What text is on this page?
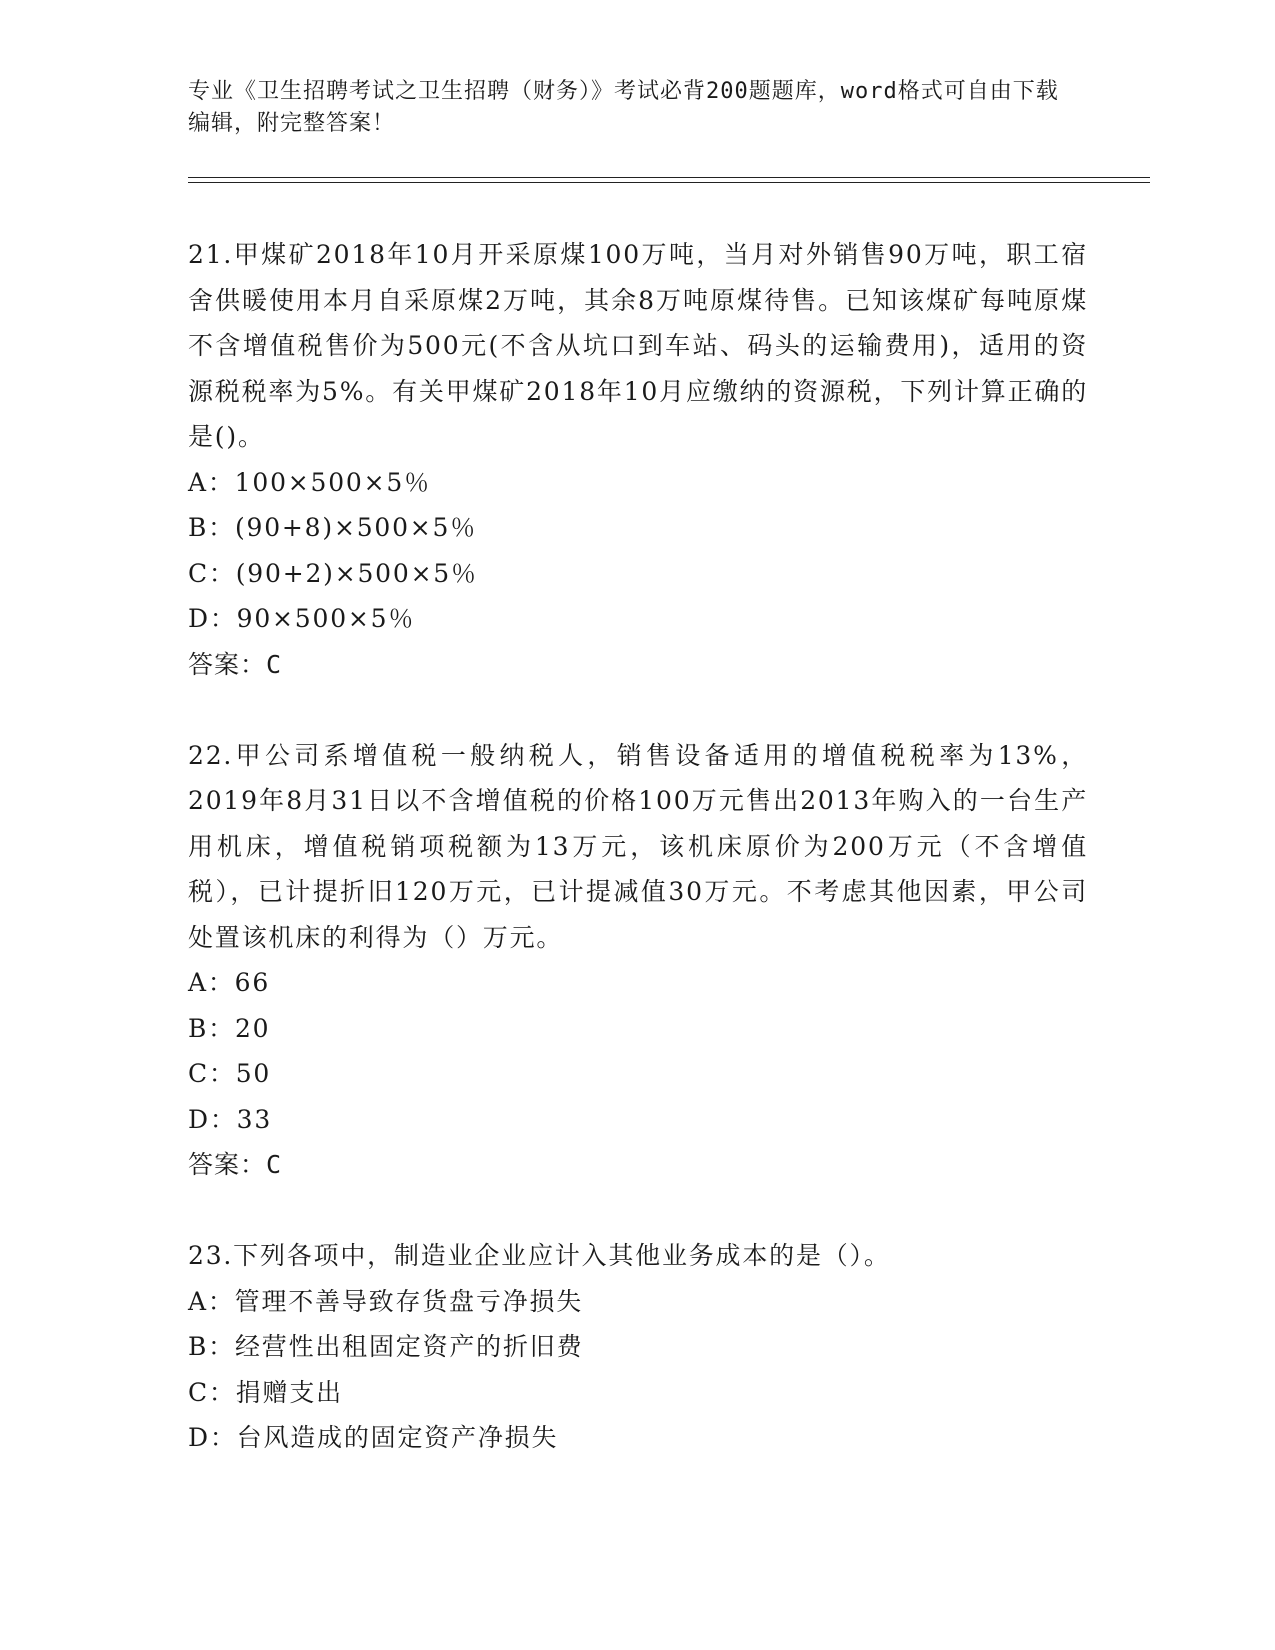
专业《卫生招聘考试之卫生招聘（财务）》考试必背200题题库，word格式可自由下载编辑，附完整答案！

21.甲煤矿2018年10月开采原煤100万吨，当月对外销售90万吨，职工宿舍供暖使用本月自采原煤2万吨，其余8万吨原煤待售。已知该煤矿每吨原煤不含增值税售价为500元(不含从坑口到车站、码头的运输费用)，适用的资源税税率为5%。有关甲煤矿2018年10月应缴纳的资源税，下列计算正确的是()。

A：100×500×5％

B：(90+8)×500×5％

C：(90+2)×500×5％

D：90×500×5％

答案：C

22.甲公司系增值税一般纳税人，销售设备适用的增值税税率为13%，2019年8月31日以不含增值税的价格100万元售出2013年购入的一台生产用机床，增值税销项税额为13万元，该机床原价为200万元（不含增值税），已计提折旧120万元，已计提减值30万元。不考虑其他因素，甲公司处置该机床的利得为（）万元。

A：66

B：20

C：50

D：33

答案：C

23.下列各项中，制造业企业应计入其他业务成本的是（）。

A：管理不善导致存货盘亏净损失

B：经营性出租固定资产的折旧费

C：捐赠支出

D：台风造成的固定资产净损失
